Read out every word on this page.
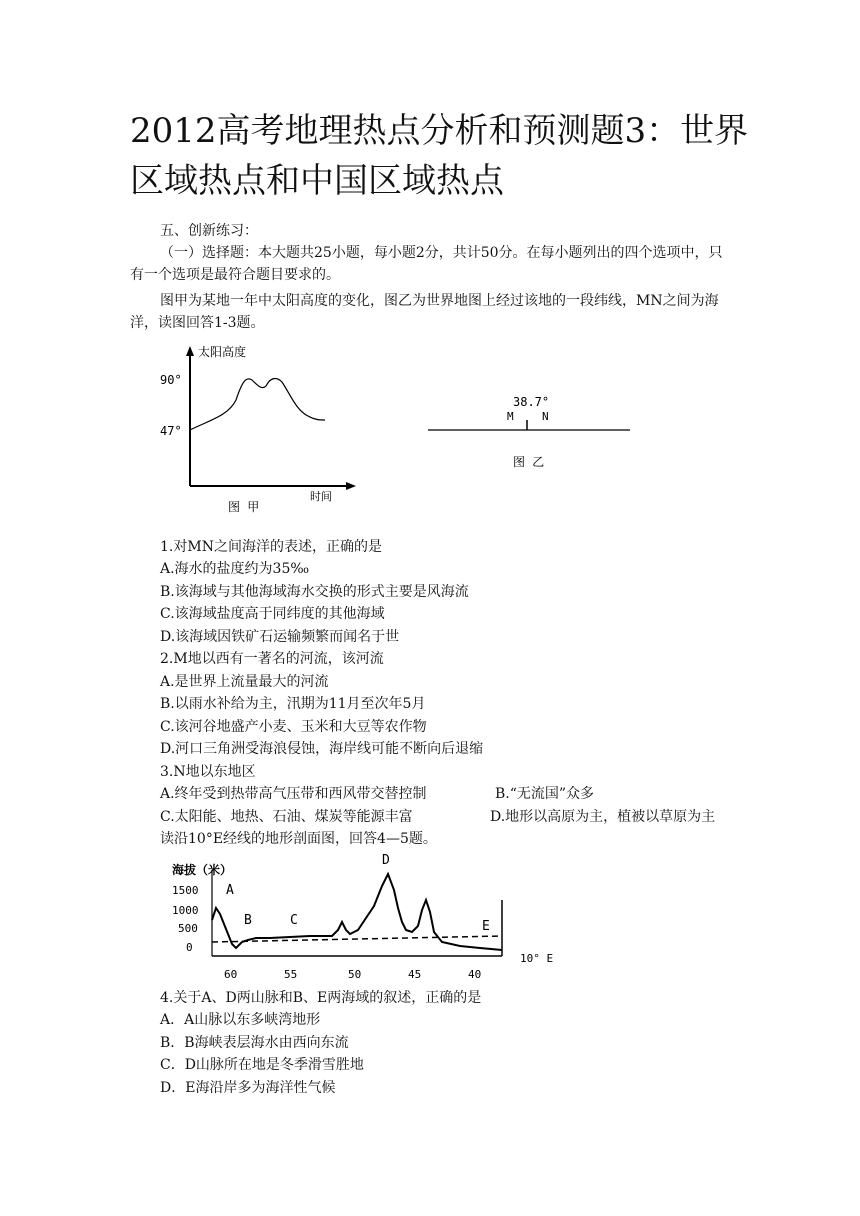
2012高考地理热点分析和预测题3：世界区域热点和中国区域热点
五、创新练习：
（一）选择题：本大题共25小题，每小题2分，共计50分。在每小题列出的四个选项中，只有一个选项是最符合题目要求的。
图甲为某地一年中太阳高度的变化，图乙为世界地图上经过该地的一段纬线，MN之间为海洋，读图回答1-3题。
太阳高度
时间
90°
47°
图 甲
38.7°
M	N
图 乙
1.对MN之间海洋的表述，正确的是
A.海水的盐度约为35‰
B.该海域与其他海域海水交换的形式主要是风海流
C.该海域盐度高于同纬度的其他海域
D.该海域因铁矿石运输频繁而闻名于世
2.M地以西有一著名的河流，该河流
A.是世界上流量最大的河流
B.以雨水补给为主，汛期为11月至次年5月
C.该河谷地盛产小麦、玉米和大豆等农作物
D.河口三角洲受海浪侵蚀，海岸线可能不断向后退缩
3.N地以东地区
A.终年受到热带高气压带和西风带交替控制	B.“无流国”众多
C.太阳能、地热、石油、煤炭等能源丰富	D.地形以高原为主，植被以草原为主
读沿10°E经线的地形剖面图，回答4—5题。
海拔（米）
1500
1000
500
0
A
B	C
D
E
60	55	50	45	40
10° E
4.关于A、D两山脉和B、E两海域的叙述，正确的是
A．A山脉以东多峡湾地形
B．B海峡表层海水由西向东流
C．D山脉所在地是冬季滑雪胜地
D．E海沿岸多为海洋性气候
